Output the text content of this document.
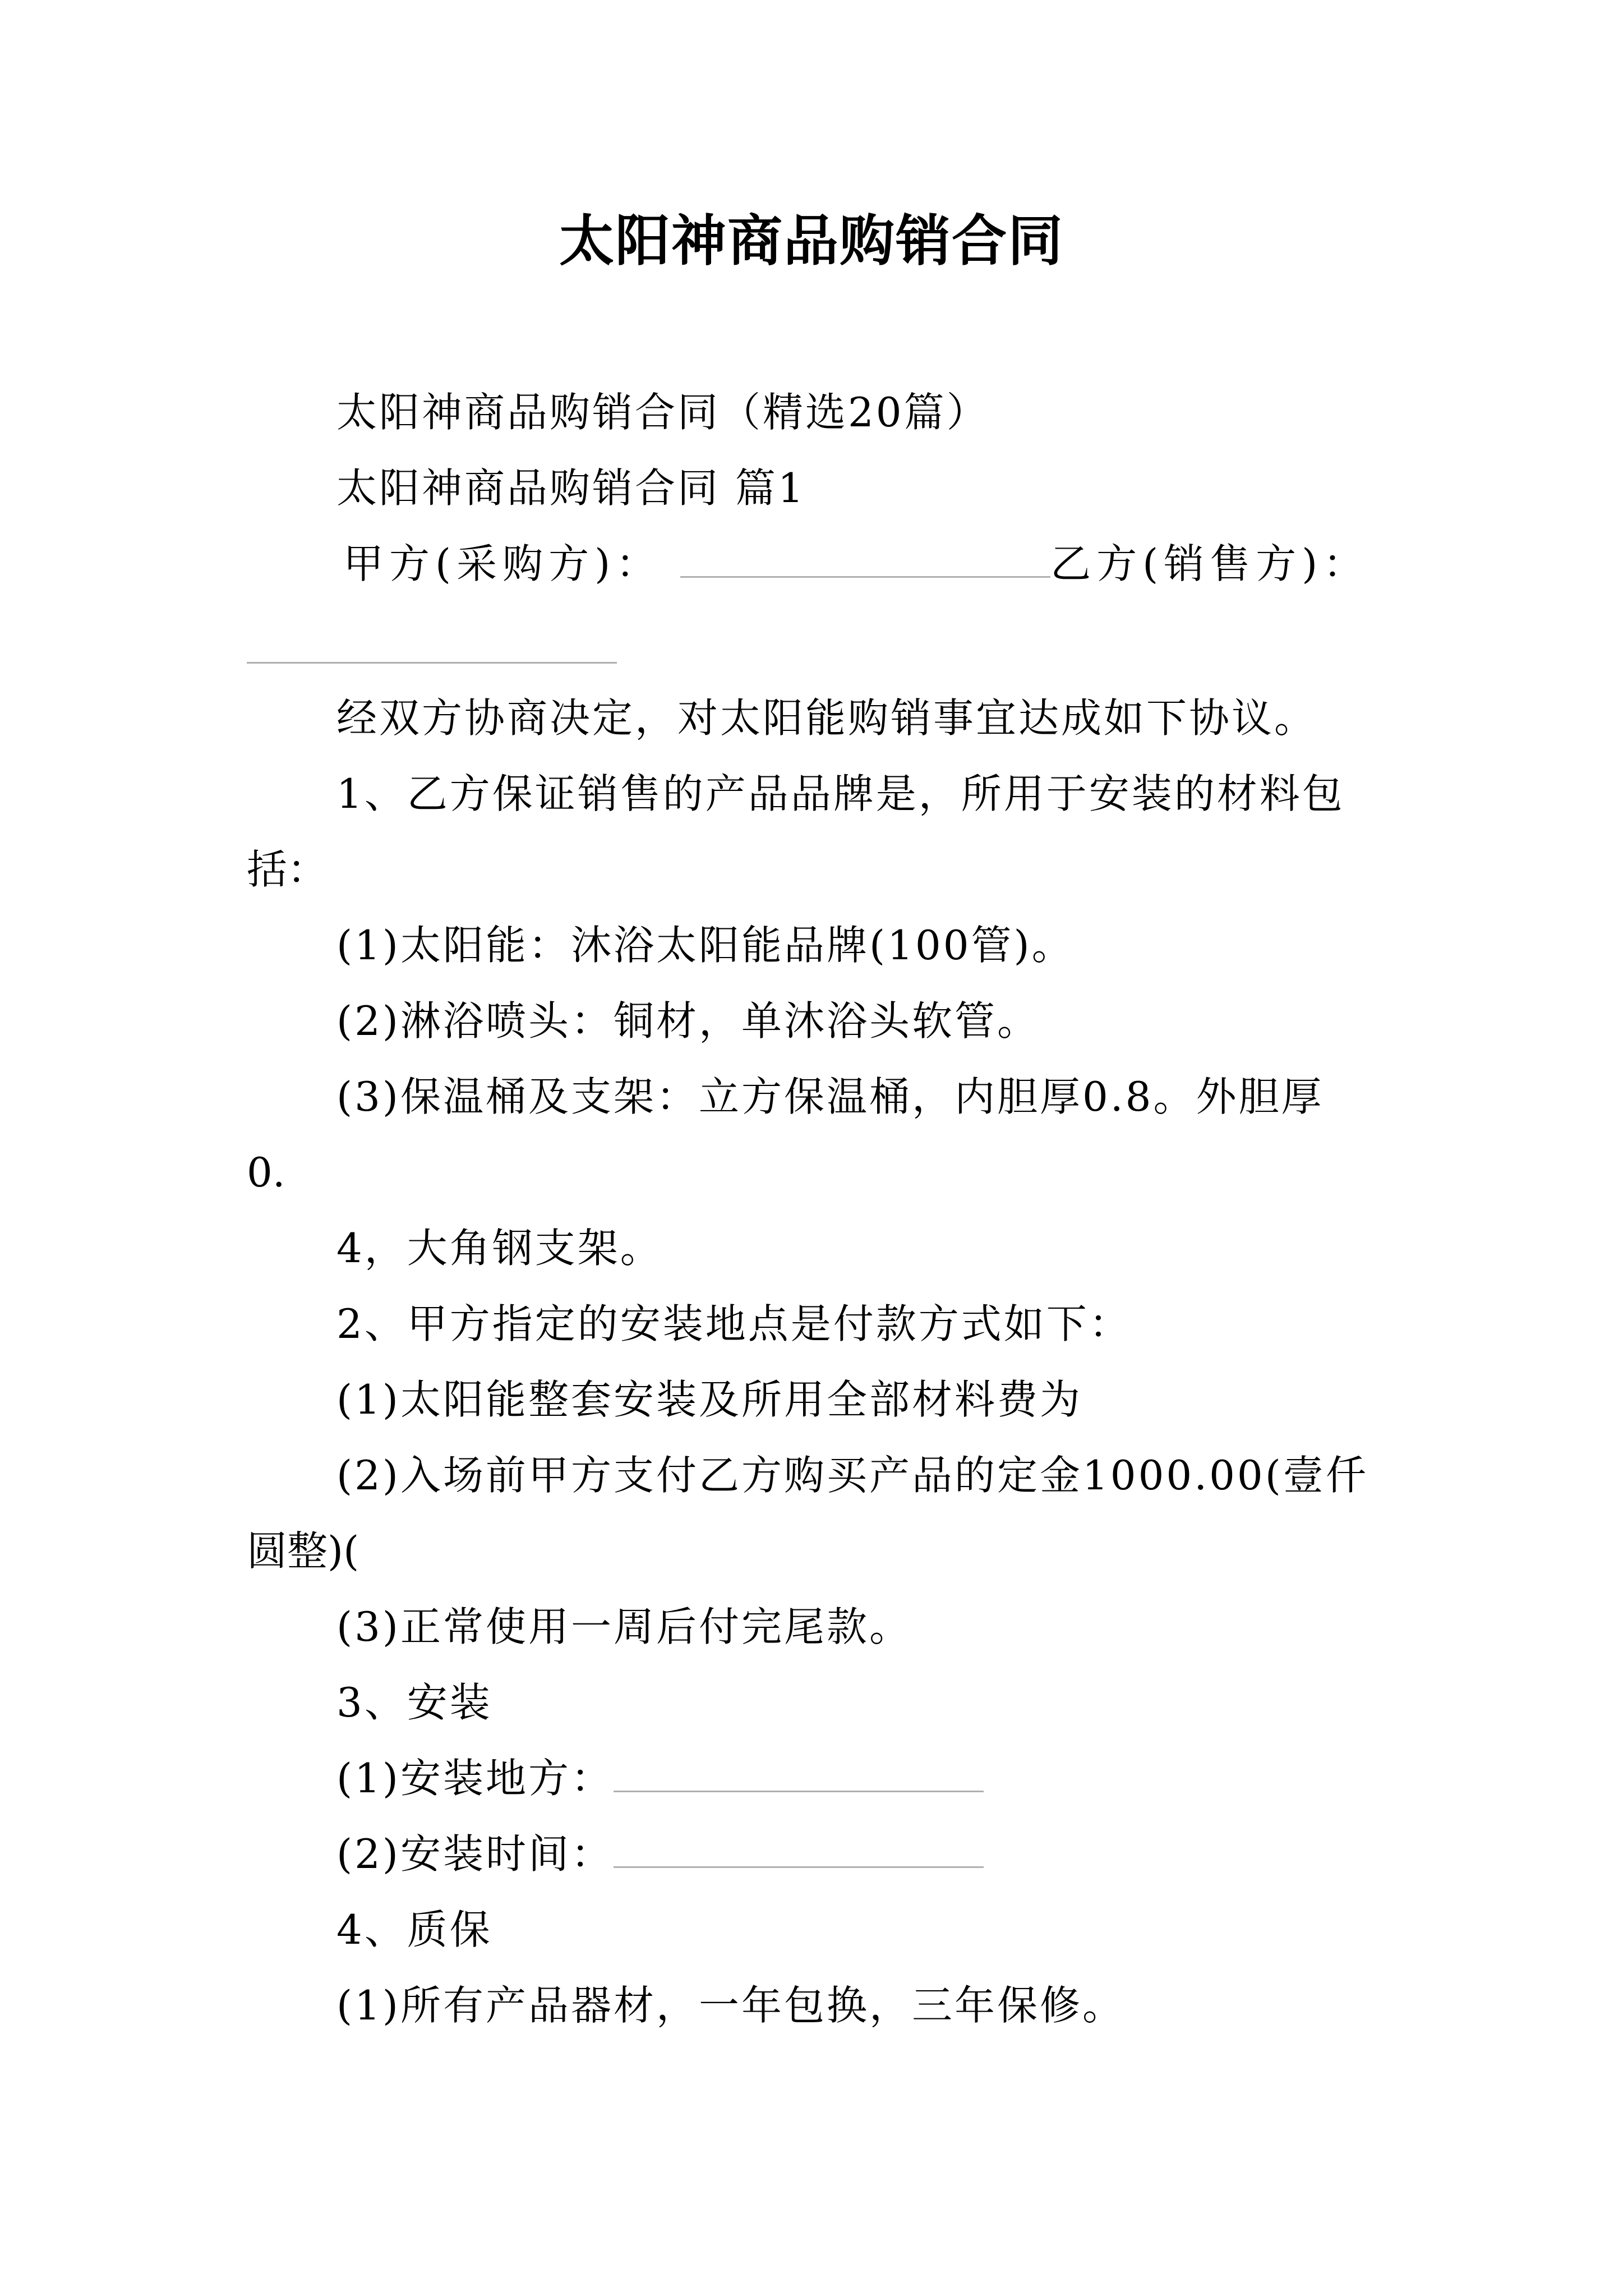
太阳神商品购销合同
太阳神商品购销合同（精选20篇）
太阳神商品购销合同 篇1
甲方(采购方)：	乙方(销售方)：
经双方协商决定，对太阳能购销事宜达成如下协议。
1、乙方保证销售的产品品牌是，所用于安装的材料包
括：
(1)太阳能：沐浴太阳能品牌(100管)。
(2)淋浴喷头：铜材，单沐浴头软管。
(3)保温桶及支架：立方保温桶，内胆厚0.8。外胆厚
0.
4，大角钢支架。
2、甲方指定的安装地点是付款方式如下：
(1)太阳能整套安装及所用全部材料费为
(2)入场前甲方支付乙方购买产品的定金1000.00(壹仟
圆整)(
(3)正常使用一周后付完尾款。
3、安装
(1)安装地方：
(2)安装时间：
4、质保
(1)所有产品器材，一年包换，三年保修。
